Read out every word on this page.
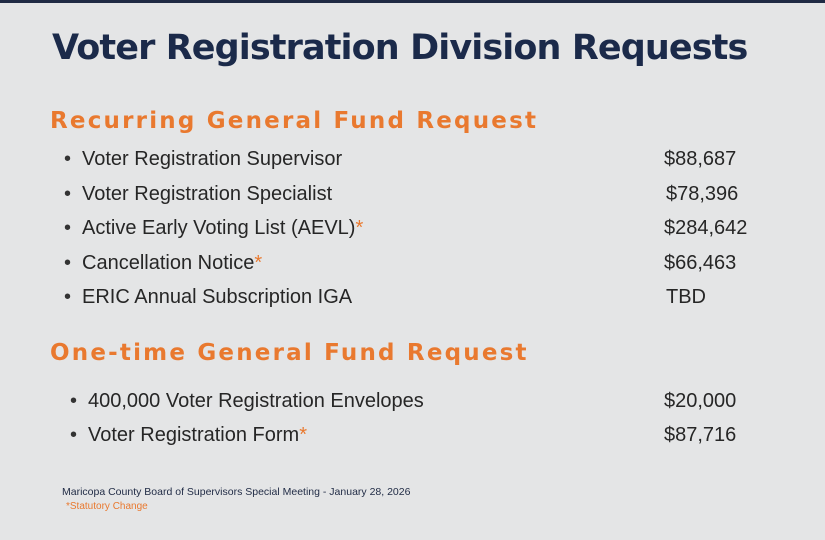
Voter Registration Division Requests
Recurring General Fund Request
• Voter Registration Supervisor	$88,687
• Voter Registration Specialist	$78,396
• Active Early Voting List (AEVL)*	$284,642
• Cancellation Notice*	$66,463
• ERIC Annual Subscription IGA	TBD
One-time General Fund Request
• 400,000 Voter Registration Envelopes	$20,000
• Voter Registration Form*	$87,716
Maricopa County Board of Supervisors Special Meeting - January 28, 2026
*Statutory Change
